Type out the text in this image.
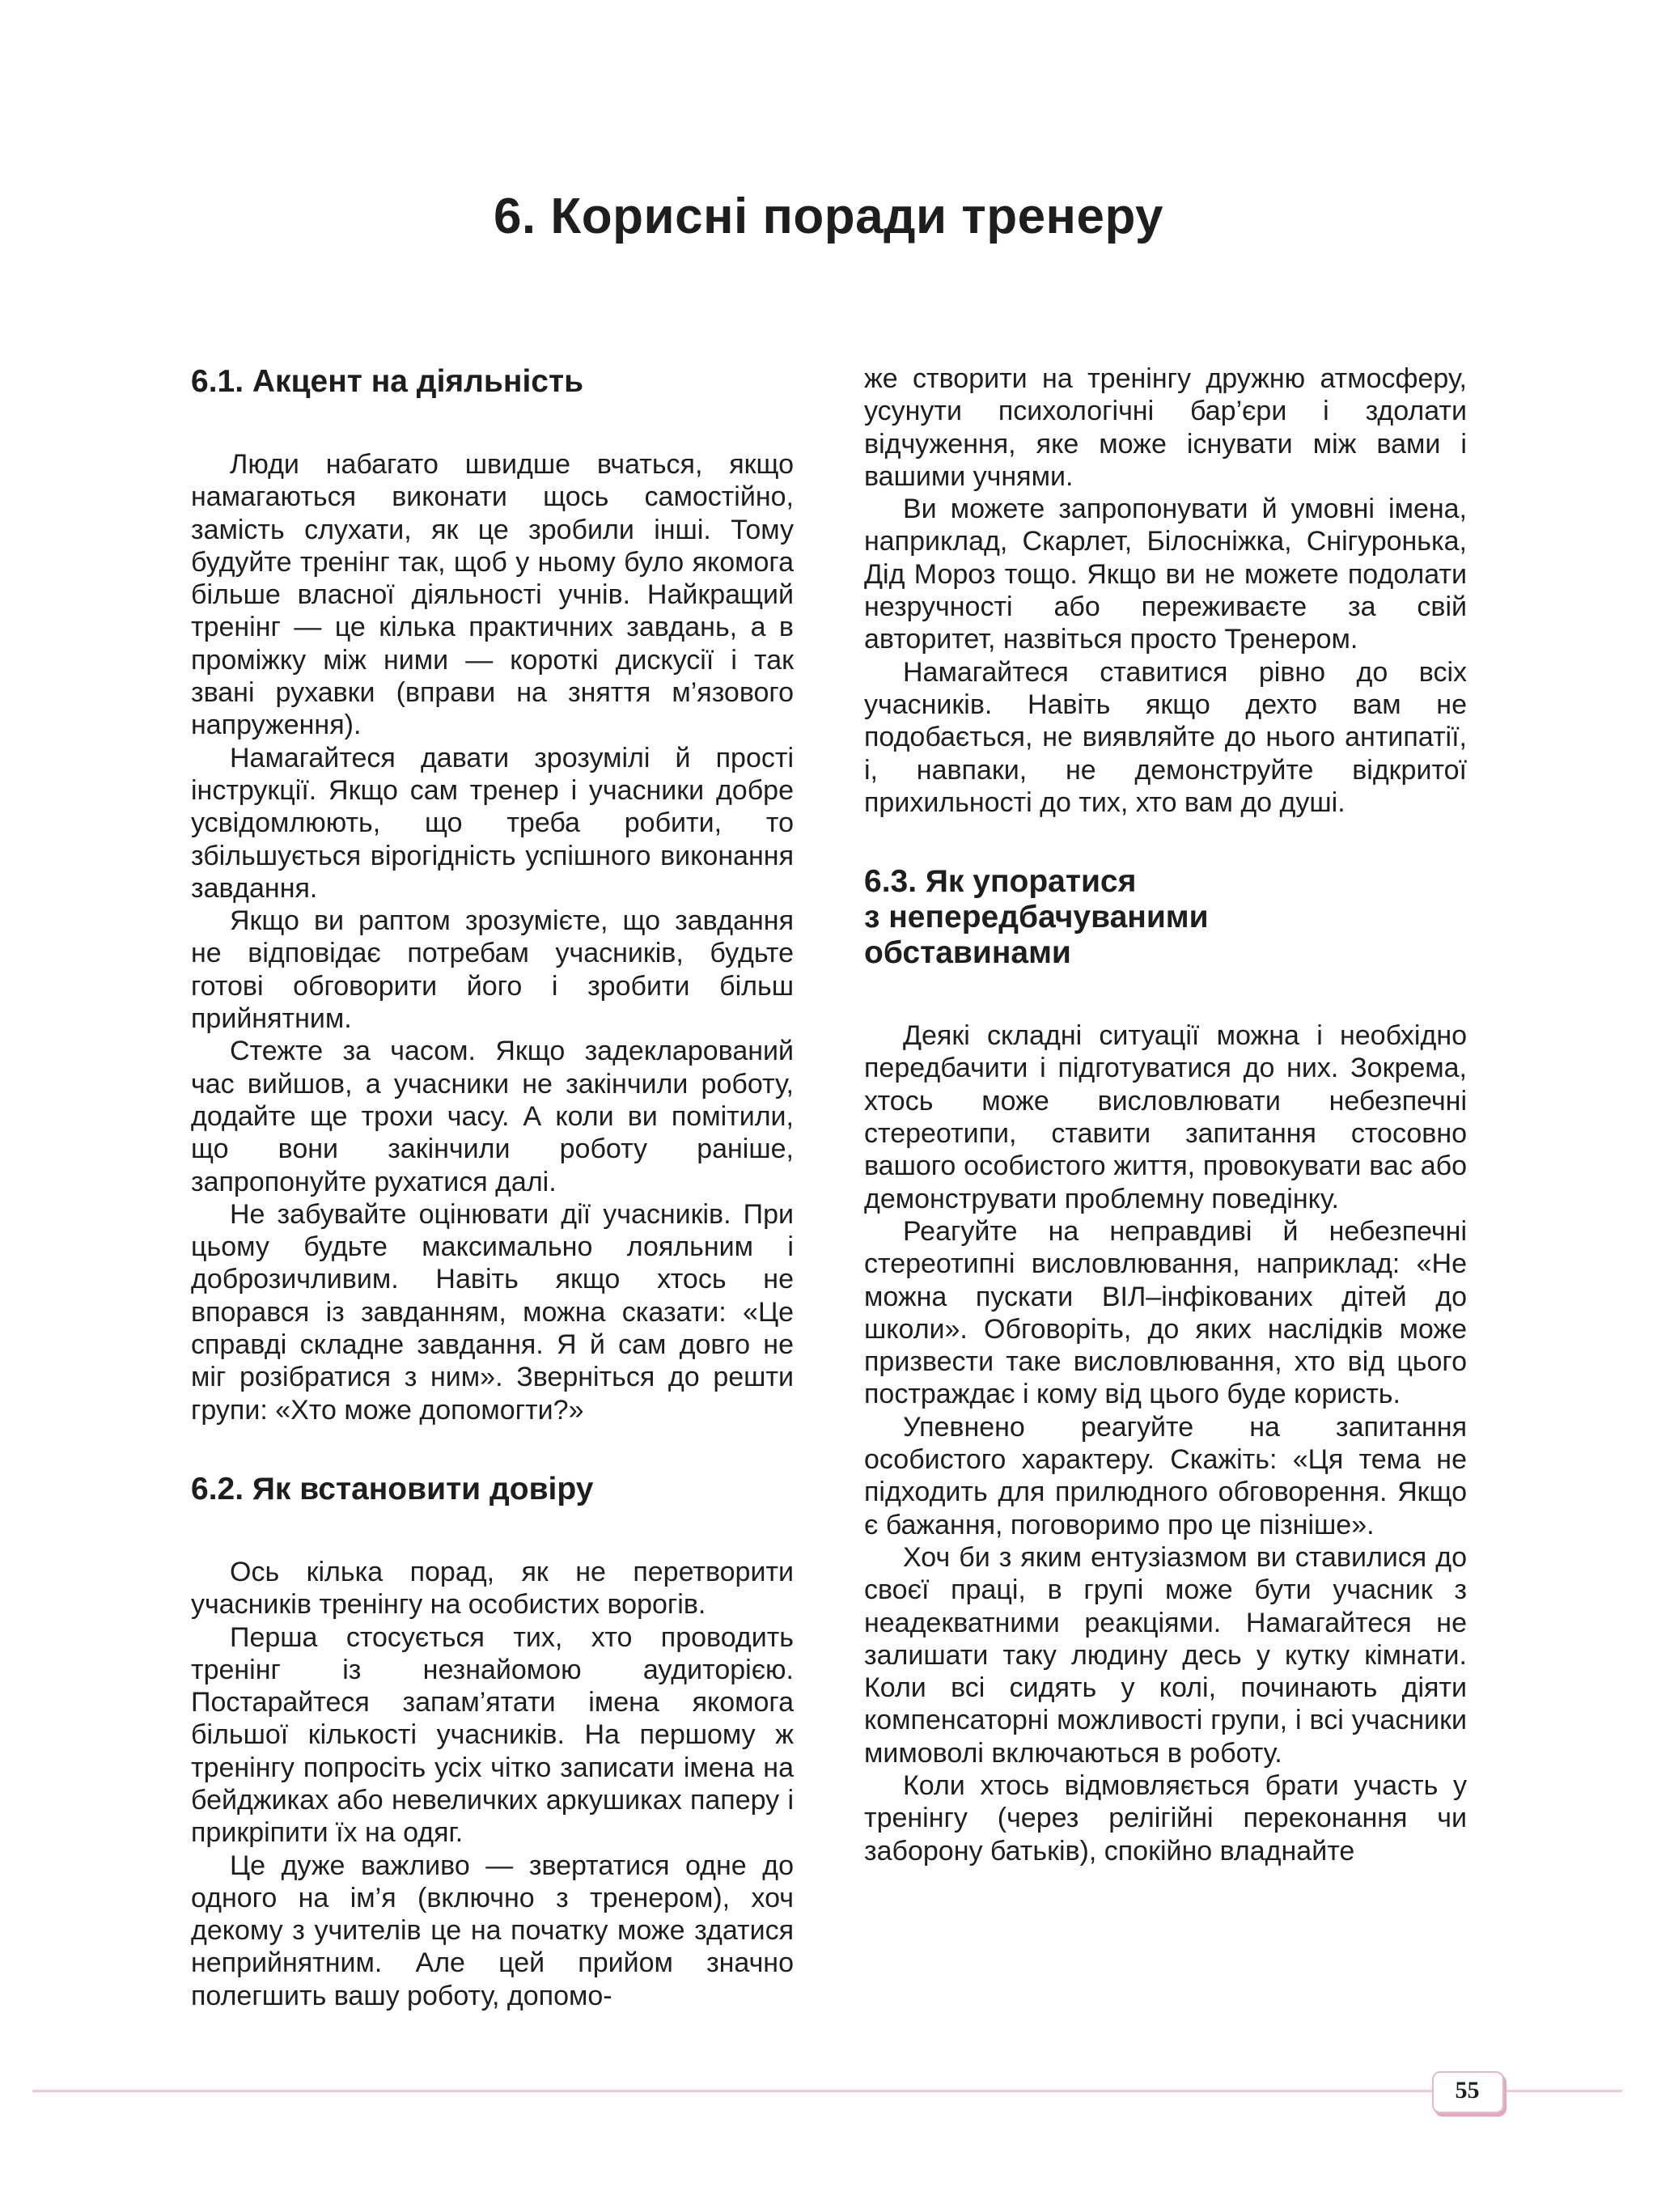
6. Корисні поради тренеру
6.1. Акцент на діяльність

Люди набагато швидше вчаться, якщо намагаються виконати щось самостійно, замість слухати, як це зробили інші. Тому будуйте тренінг так, щоб у ньому було якомога більше власної діяльності учнів. Найкращий тренінг — це кілька практичних завдань, а в проміжку між ними — короткі дискусії і так звані рухавки (вправи на зняття м’язового напруження).

Намагайтеся давати зрозумілі й прості інструкції. Якщо сам тренер і учасники добре усвідомлюють, що треба робити, то збільшується вірогідність успішного виконання завдання.

Якщо ви раптом зрозумієте, що завдання не відповідає потребам учасників, будьте готові обговорити його і зробити більш прийнятним.

Стежте за часом. Якщо задекларований час вийшов, а учасники не закінчили роботу, додайте ще трохи часу. А коли ви помітили, що вони закінчили роботу раніше, запропонуйте рухатися далі.

Не забувайте оцінювати дії учасників. При цьому будьте максимально лояльним і доброзичливим. Навіть якщо хтось не впорався із завданням, можна сказати: «Це справді складне завдання. Я й сам довго не міг розібратися з ним». Зверніться до решти групи: «Хто може допомогти?»

6.2. Як встановити довіру

Ось кілька порад, як не перетворити учасників тренінгу на особистих ворогів.

Перша стосується тих, хто проводить тренінг із незнайомою аудиторією. Постарайтеся запам’ятати імена якомога більшої кількості учасників. На першому ж тренінгу попросіть усіх чітко записати імена на бейджиках або невеличких аркушиках паперу і прикріпити їх на одяг.

Це дуже важливо — звертатися одне до одного на ім’я (включно з тренером), хоч декому з учителів це на початку може здатися неприйнятним. Але цей прийом значно полегшить вашу роботу, допомо-

же створити на тренінгу дружню атмосферу, усунути психологічні бар’єри і здолати відчуження, яке може існувати між вами і вашими учнями.

Ви можете запропонувати й умовні імена, наприклад, Скарлет, Білосніжка, Снігуронька, Дід Мороз тощо. Якщо ви не можете подолати незручності або переживаєте за свій авторитет, назвіться просто Тренером.

Намагайтеся ставитися рівно до всіх учасників. Навіть якщо дехто вам не подобається, не виявляйте до нього антипатії, і, навпаки, не демонструйте відкритої прихильності до тих, хто вам до душі.

6.3. Як упоратися
з непередбачуваними
обставинами

Деякі складні ситуації можна і необхідно передбачити і підготуватися до них. Зокрема, хтось може висловлювати небезпечні стереотипи, ставити запитання стосовно вашого особистого життя, провокувати вас або демонструвати проблемну поведінку.

Реагуйте на неправдиві й небезпечні стереотипні висловлювання, наприклад: «Не можна пускати ВІЛ–інфікованих дітей до школи». Обговоріть, до яких наслідків може призвести таке висловлювання, хто від цього постраждає і кому від цього буде користь.

Упевнено реагуйте на запитання особистого характеру. Скажіть: «Ця тема не підходить для прилюдного обговорення. Якщо є бажання, поговоримо про це пізніше».

Хоч би з яким ентузіазмом ви ставилися до своєї праці, в групі може бути учасник з неадекватними реакціями. Намагайтеся не залишати таку людину десь у кутку кімнати. Коли всі сидять у колі, починають діяти компенсаторні можливості групи, і всі учасники мимоволі включаються в роботу.

Коли хтось відмовляється брати участь у тренінгу (через релігійні переконання чи заборону батьків), спокійно владнайте

55
